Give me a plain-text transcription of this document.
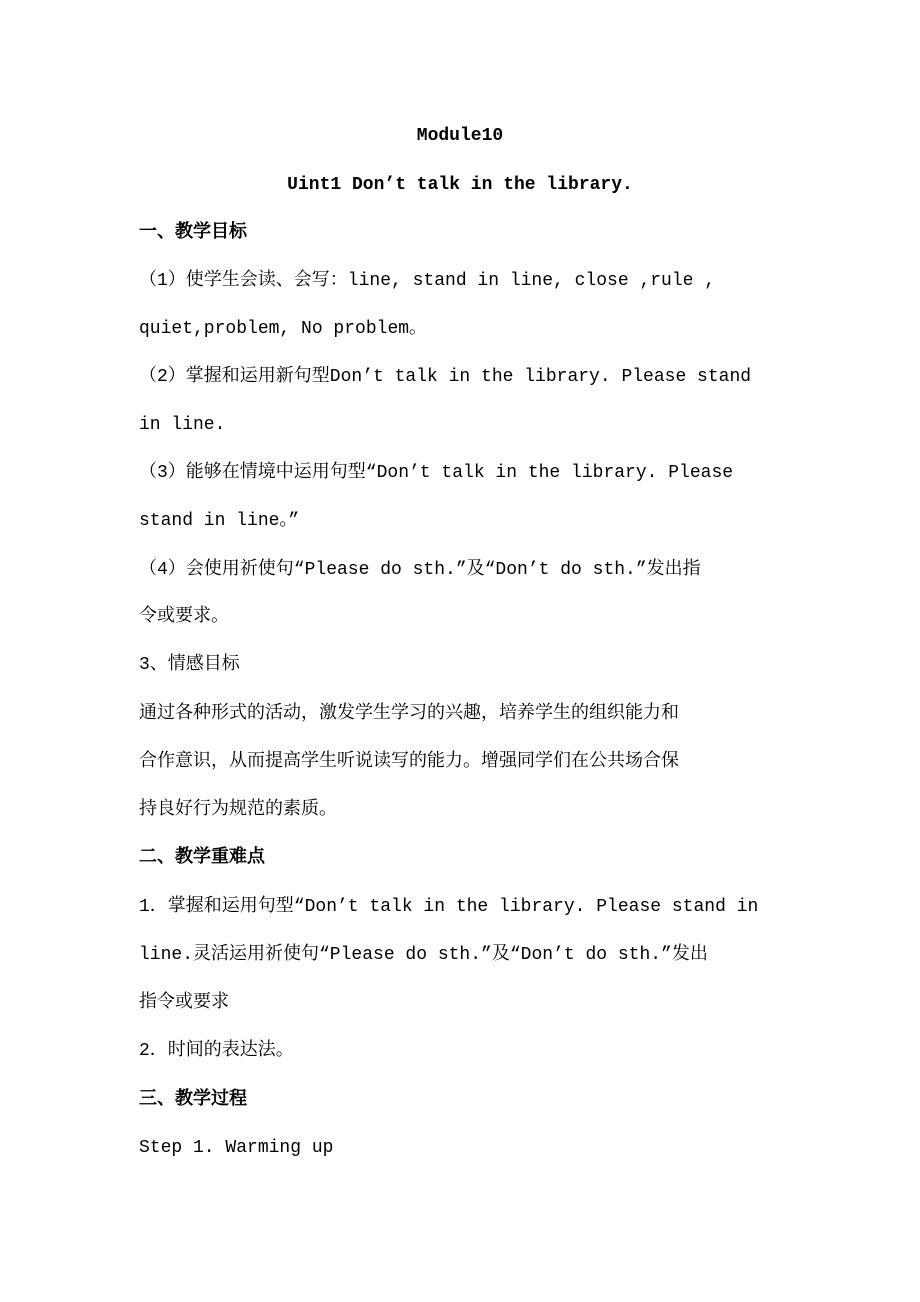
Module10
Uint1 Don’t talk in the library.
一、教学目标
（1）使学生会读、会写：line, stand in line, close ,rule ,
quiet,problem, No problem。
（2）掌握和运用新句型Don’t talk in the library. Please stand
in line.
（3）能够在情境中运用句型“Don’t talk in the library. Please
stand in line。”
（4）会使用祈使句“Please do sth.”及“Don’t do sth.”发出指
令或要求。
3、情感目标
通过各种形式的活动，激发学生学习的兴趣，培养学生的组织能力和
合作意识，从而提高学生听说读写的能力。增强同学们在公共场合保
持良好行为规范的素质。
二、教学重难点
1．掌握和运用句型“Don’t talk in the library. Please stand in
line.灵活运用祈使句“Please do sth.”及“Don’t do sth.”发出
指令或要求
2．时间的表达法。
三、教学过程
Step 1. Warming up
